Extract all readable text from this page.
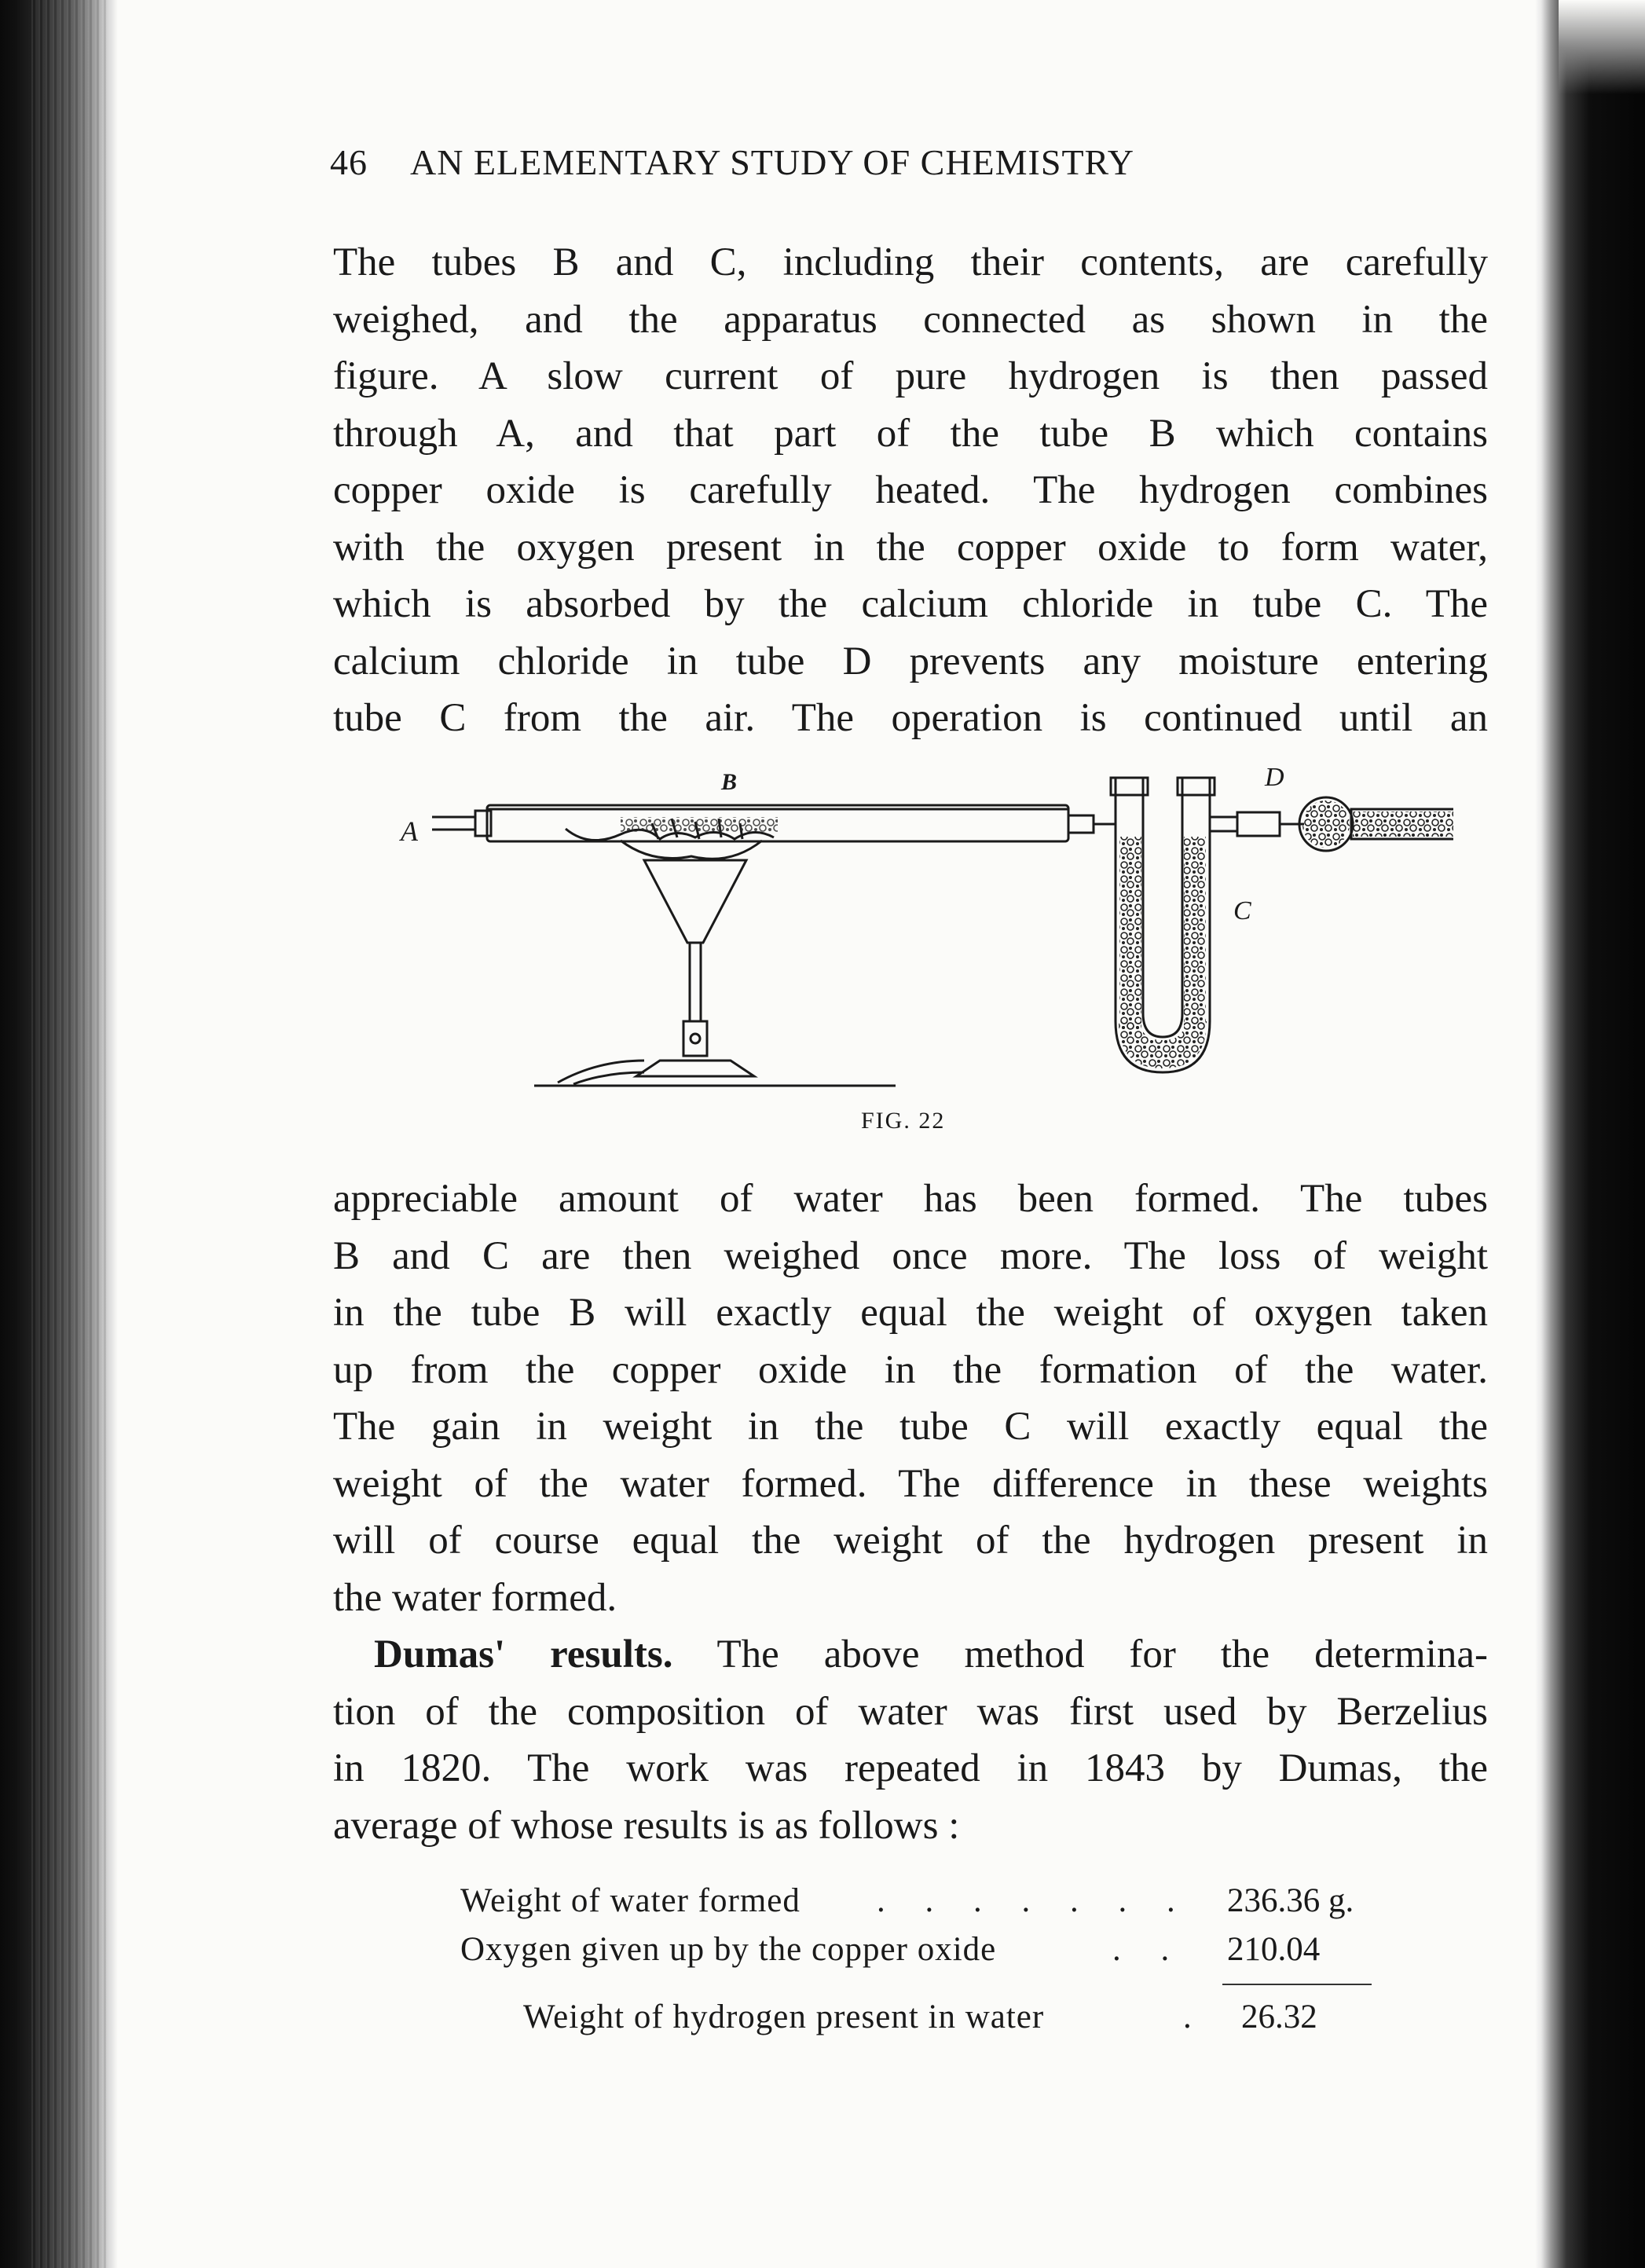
46 AN ELEMENTARY STUDY OF CHEMISTRY
The tubes B and C, including their contents, are carefully
weighed, and the apparatus connected as shown in the
figure. A slow current of pure hydrogen is then passed
through A, and that part of the tube B which contains
copper oxide is carefully heated. The hydrogen combines
with the oxygen present in the copper oxide to form water,
which is absorbed by the calcium chloride in tube C. The
calcium chloride in tube D prevents any moisture entering
tube C from the air. The operation is continued until an
A
B
C
D
FIG. 22
appreciable amount of water has been formed. The tubes
B and C are then weighed once more. The loss of weight
in the tube B will exactly equal the weight of oxygen taken
up from the copper oxide in the formation of the water.
The gain in weight in the tube C will exactly equal the
weight of the water formed. The difference in these weights
will of course equal the weight of the hydrogen present in
the water formed.
Dumas' results. The above method for the determina-
tion of the composition of water was first used by Berzelius
in 1820. The work was repeated in 1843 by Dumas, the
average of whose results is as follows :
Weight of water formed . . . . . . . 236.36 g.
Oxygen given up by the copper oxide	. . 210.04
Weight of hydrogen present in water	. 26.32
